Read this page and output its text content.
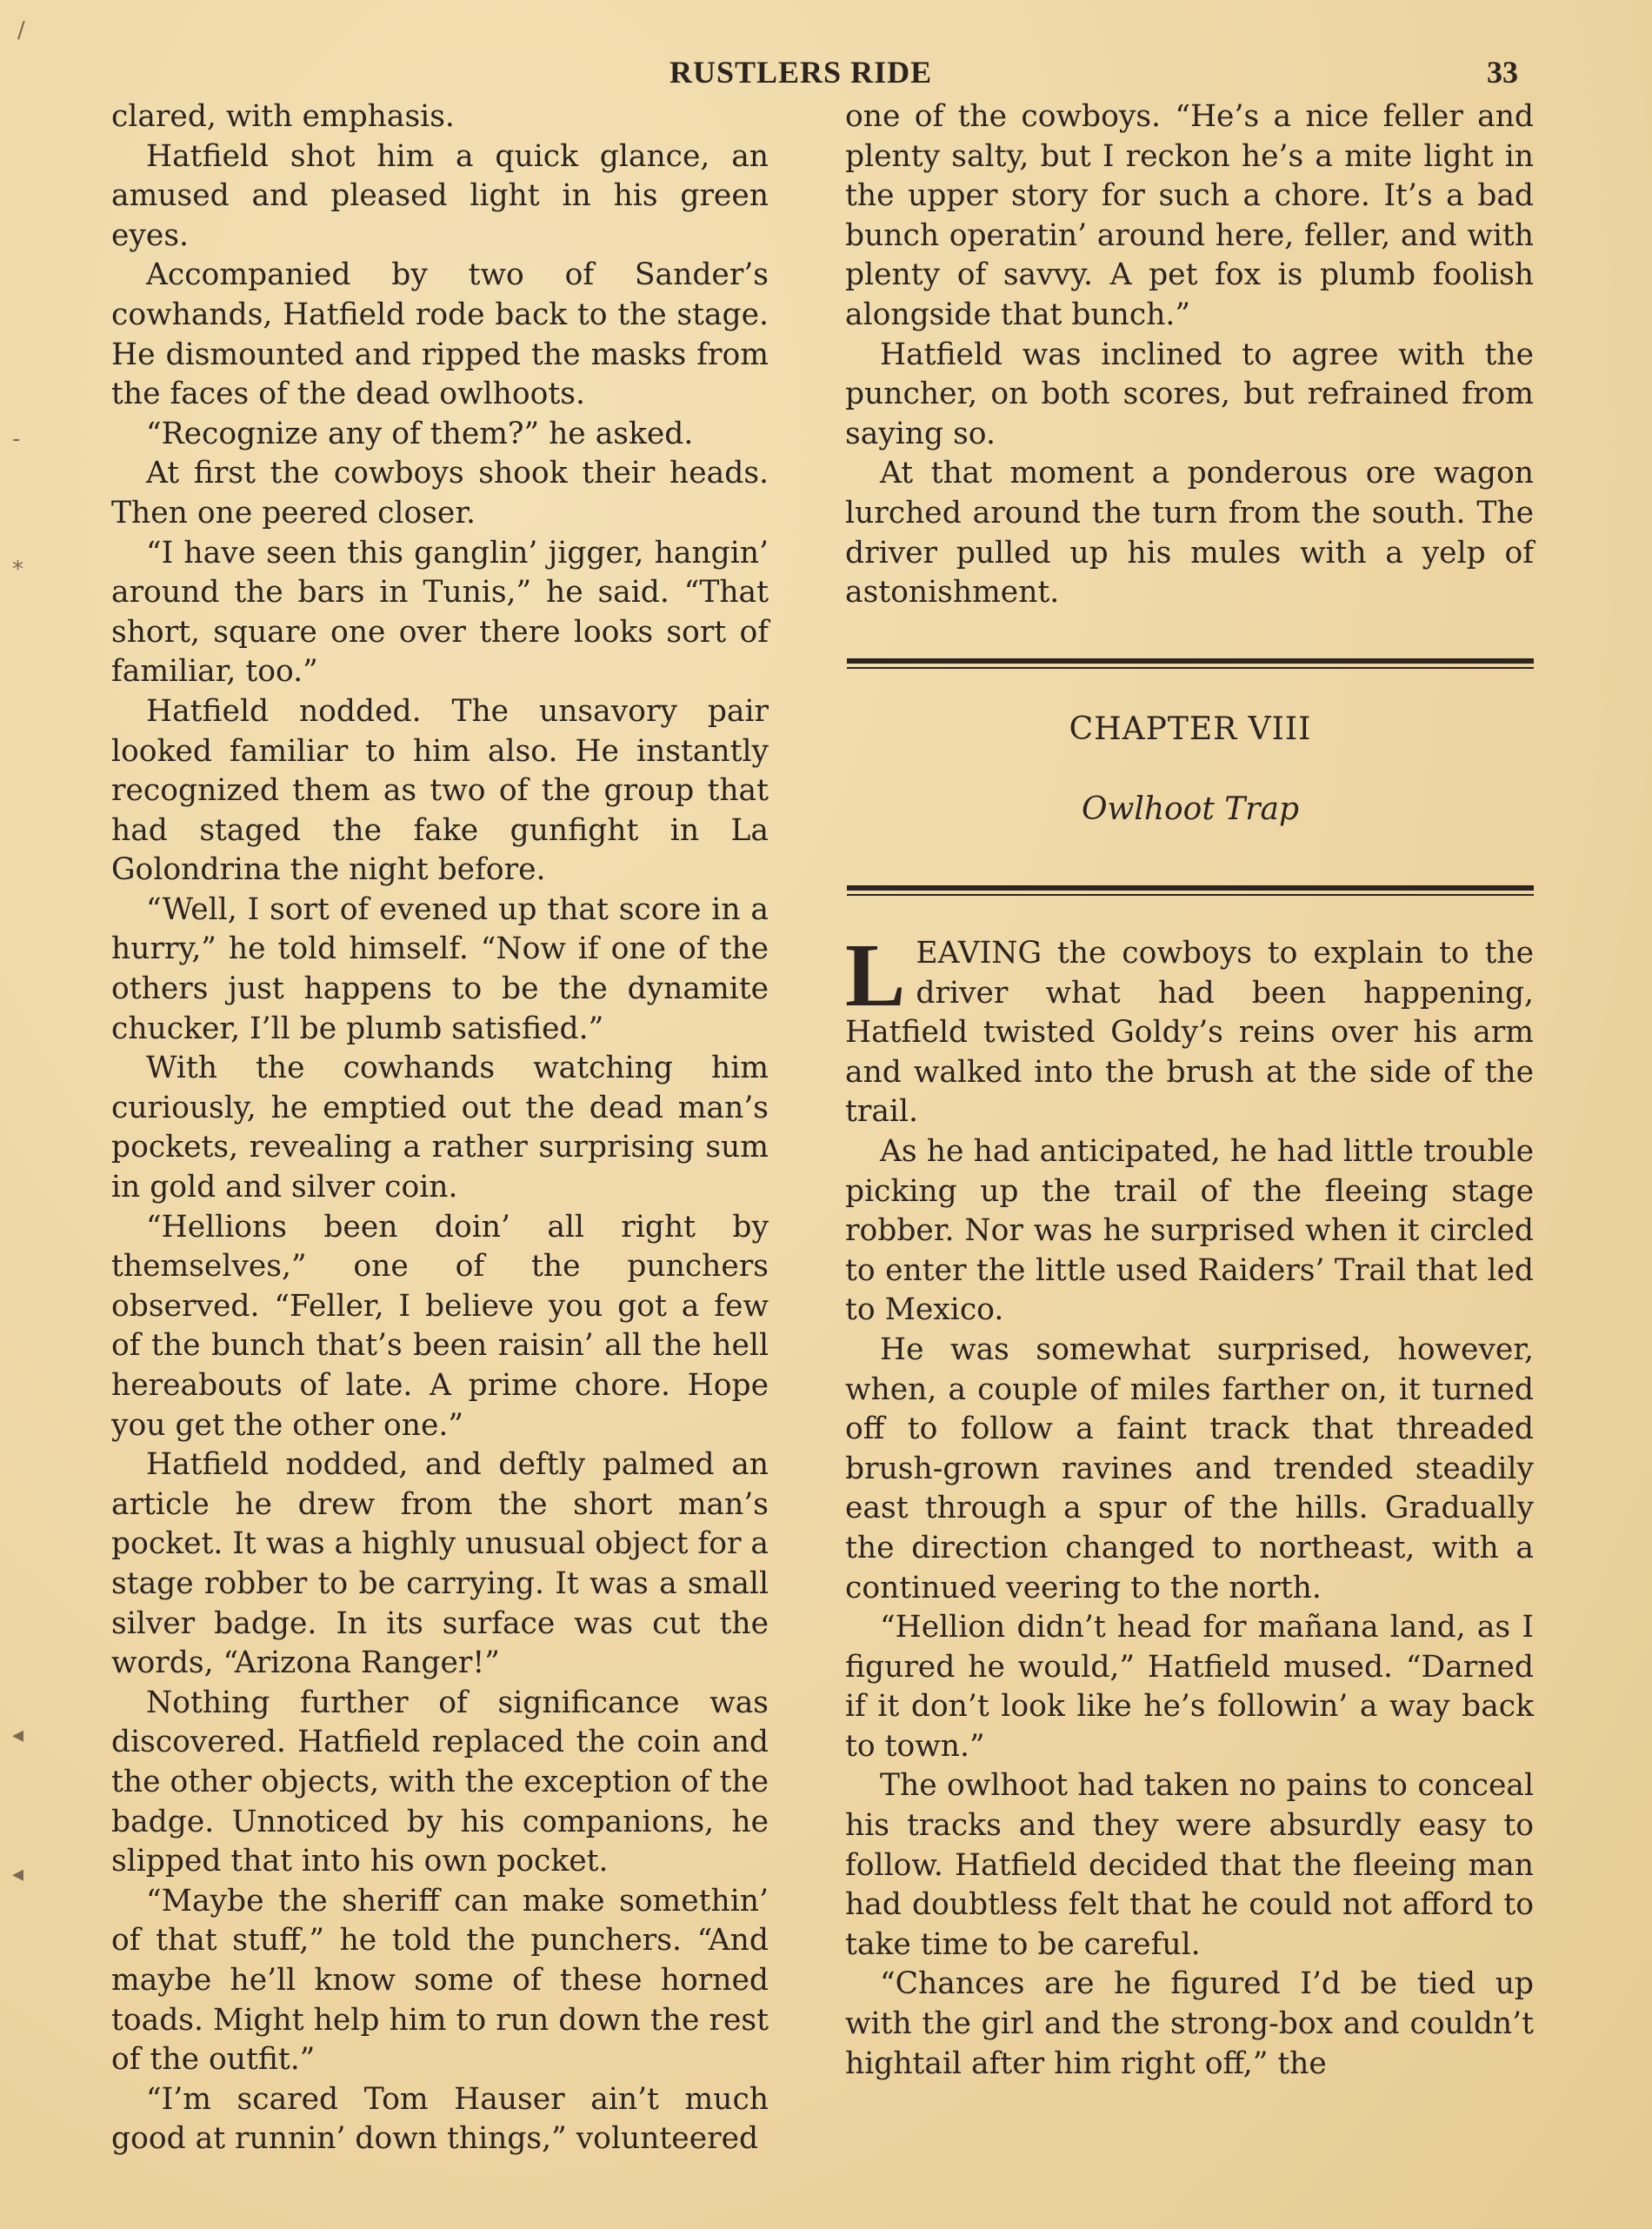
RUSTLERS RIDE	33
/
-
*
◂
◂

clared, with emphasis.

Hatfield shot him a quick glance, an amused and pleased light in his green eyes.

Accompanied by two of Sander’s cowhands, Hatfield rode back to the stage. He dismounted and ripped the masks from the faces of the dead owlhoots.

“Recognize any of them?” he asked.

At first the cowboys shook their heads. Then one peered closer.

“I have seen this ganglin’ jigger, hangin’ around the bars in Tunis,” he said. “That short, square one over there looks sort of familiar, too.”

Hatfield nodded. The unsavory pair looked familiar to him also. He instantly recognized them as two of the group that had staged the fake gunfight in La Golondrina the night before.

“Well, I sort of evened up that score in a hurry,” he told himself. “Now if one of the others just happens to be the dynamite chucker, I’ll be plumb satisfied.”

With the cowhands watching him curiously, he emptied out the dead man’s pockets, revealing a rather surprising sum in gold and silver coin.

“Hellions been doin’ all right by themselves,” one of the punchers observed. “Feller, I believe you got a few of the bunch that’s been raisin’ all the hell hereabouts of late. A prime chore. Hope you get the other one.”

Hatfield nodded, and deftly palmed an article he drew from the short man’s pocket. It was a highly unusual object for a stage robber to be carrying. It was a small silver badge. In its surface was cut the words, “Arizona Ranger!”

Nothing further of significance was discovered. Hatfield replaced the coin and the other objects, with the exception of the badge. Unnoticed by his companions, he slipped that into his own pocket.

“Maybe the sheriff can make somethin’ of that stuff,” he told the punchers. “And maybe he’ll know some of these horned toads. Might help him to run down the rest of the outfit.”

“I’m scared Tom Hauser ain’t much good at runnin’ down things,” volunteered

one of the cowboys. “He’s a nice feller and plenty salty, but I reckon he’s a mite light in the upper story for such a chore. It’s a bad bunch operatin’ around here, feller, and with plenty of savvy. A pet fox is plumb foolish alongside that bunch.”

Hatfield was inclined to agree with the puncher, on both scores, but refrained from saying so.

At that moment a ponderous ore wagon lurched around the turn from the south. The driver pulled up his mules with a yelp of astonishment.

CHAPTER VIII
Owlhoot Trap

LEAVING the cowboys to explain to the driver what had been happening, Hatfield twisted Goldy’s reins over his arm and walked into the brush at the side of the trail.

As he had anticipated, he had little trouble picking up the trail of the fleeing stage robber. Nor was he surprised when it circled to enter the little used Raiders’ Trail that led to Mexico.

He was somewhat surprised, however, when, a couple of miles farther on, it turned off to follow a faint track that threaded brush-grown ravines and trended steadily east through a spur of the hills. Gradually the direction changed to northeast, with a continued veering to the north.

“Hellion didn’t head for mañana land, as I figured he would,” Hatfield mused. “Darned if it don’t look like he’s followin’ a way back to town.”

The owlhoot had taken no pains to conceal his tracks and they were absurdly easy to follow. Hatfield decided that the fleeing man had doubtless felt that he could not afford to take time to be careful.

“Chances are he figured I’d be tied up with the girl and the strong-box and couldn’t hightail after him right off,” the
